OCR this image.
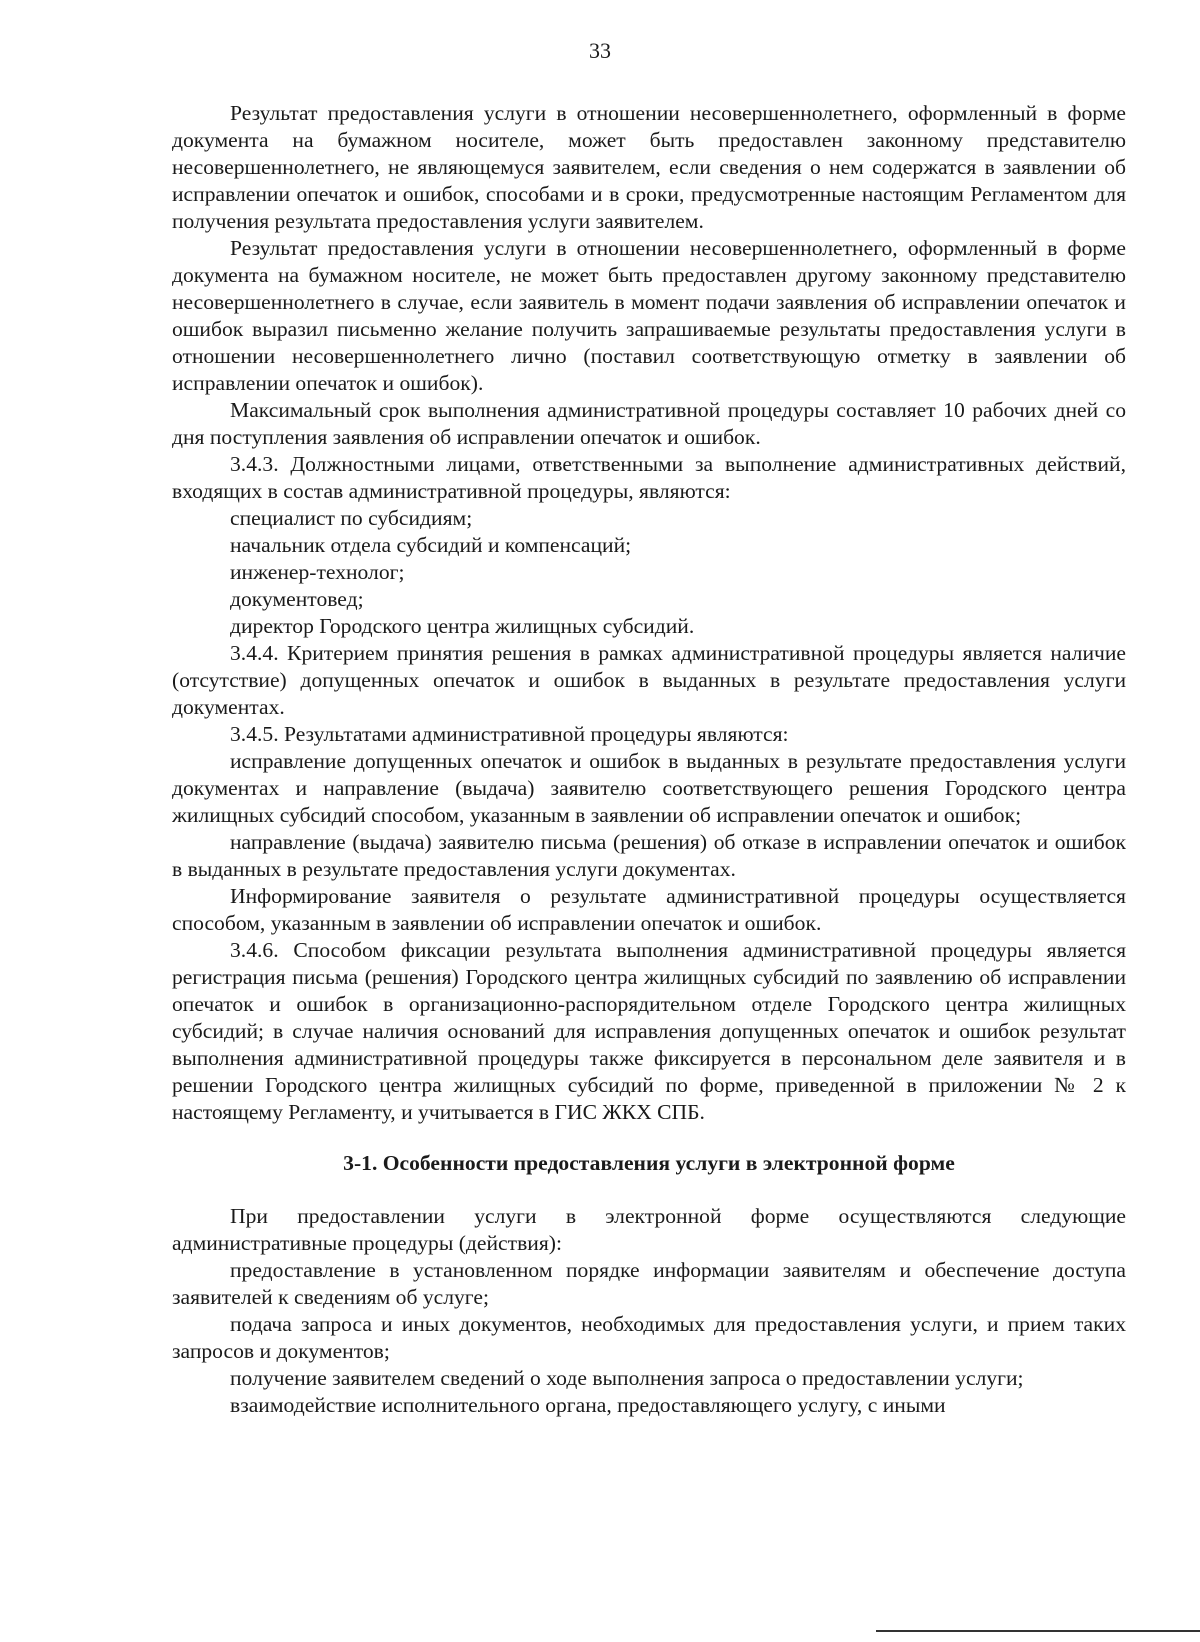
33

Результат предоставления услуги в отношении несовершеннолетнего, оформленный в форме документа на бумажном носителе, может быть предоставлен законному представителю несовершеннолетнего, не являющемуся заявителем, если сведения о нем содержатся в заявлении об исправлении опечаток и ошибок, способами и в сроки, предусмотренные настоящим Регламентом для получения результата предоставления услуги заявителем.

Результат предоставления услуги в отношении несовершеннолетнего, оформленный в форме документа на бумажном носителе, не может быть предоставлен другому законному представителю несовершеннолетнего в случае, если заявитель в момент подачи заявления об исправлении опечаток и ошибок выразил письменно желание получить запрашиваемые результаты предоставления услуги в отношении несовершеннолетнего лично (поставил соответствующую отметку в заявлении об исправлении опечаток и ошибок).

Максимальный срок выполнения административной процедуры составляет 10 рабочих дней со дня поступления заявления об исправлении опечаток и ошибок.

3.4.3. Должностными лицами, ответственными за выполнение административных действий, входящих в состав административной процедуры, являются:

специалист по субсидиям;

начальник отдела субсидий и компенсаций;

инженер-технолог;

документовед;

директор Городского центра жилищных субсидий.

3.4.4. Критерием принятия решения в рамках административной процедуры является наличие (отсутствие) допущенных опечаток и ошибок в выданных в результате предоставления услуги документах.

3.4.5. Результатами административной процедуры являются:

исправление допущенных опечаток и ошибок в выданных в результате предоставления услуги документах и направление (выдача) заявителю соответствующего решения Городского центра жилищных субсидий способом, указанным в заявлении об исправлении опечаток и ошибок;

направление (выдача) заявителю письма (решения) об отказе в исправлении опечаток и ошибок в выданных в результате предоставления услуги документах.

Информирование заявителя о результате административной процедуры осуществляется способом, указанным в заявлении об исправлении опечаток и ошибок.

3.4.6. Способом фиксации результата выполнения административной процедуры является регистрация письма (решения) Городского центра жилищных субсидий по заявлению об исправлении опечаток и ошибок в организационно-распорядительном отделе Городского центра жилищных субсидий; в случае наличия оснований для исправления допущенных опечаток и ошибок результат выполнения административной процедуры также фиксируется в персональном деле заявителя и в решении Городского центра жилищных субсидий по форме, приведенной в приложении № 2 к настоящему Регламенту, и учитывается в ГИС ЖКХ СПБ.

3-1. Особенности предоставления услуги в электронной форме

При предоставлении услуги в электронной форме осуществляются следующие административные процедуры (действия):

предоставление в установленном порядке информации заявителям и обеспечение доступа заявителей к сведениям об услуге;

подача запроса и иных документов, необходимых для предоставления услуги, и прием таких запросов и документов;

получение заявителем сведений о ходе выполнения запроса о предоставлении услуги;

взаимодействие исполнительного органа, предоставляющего услугу, с иными
